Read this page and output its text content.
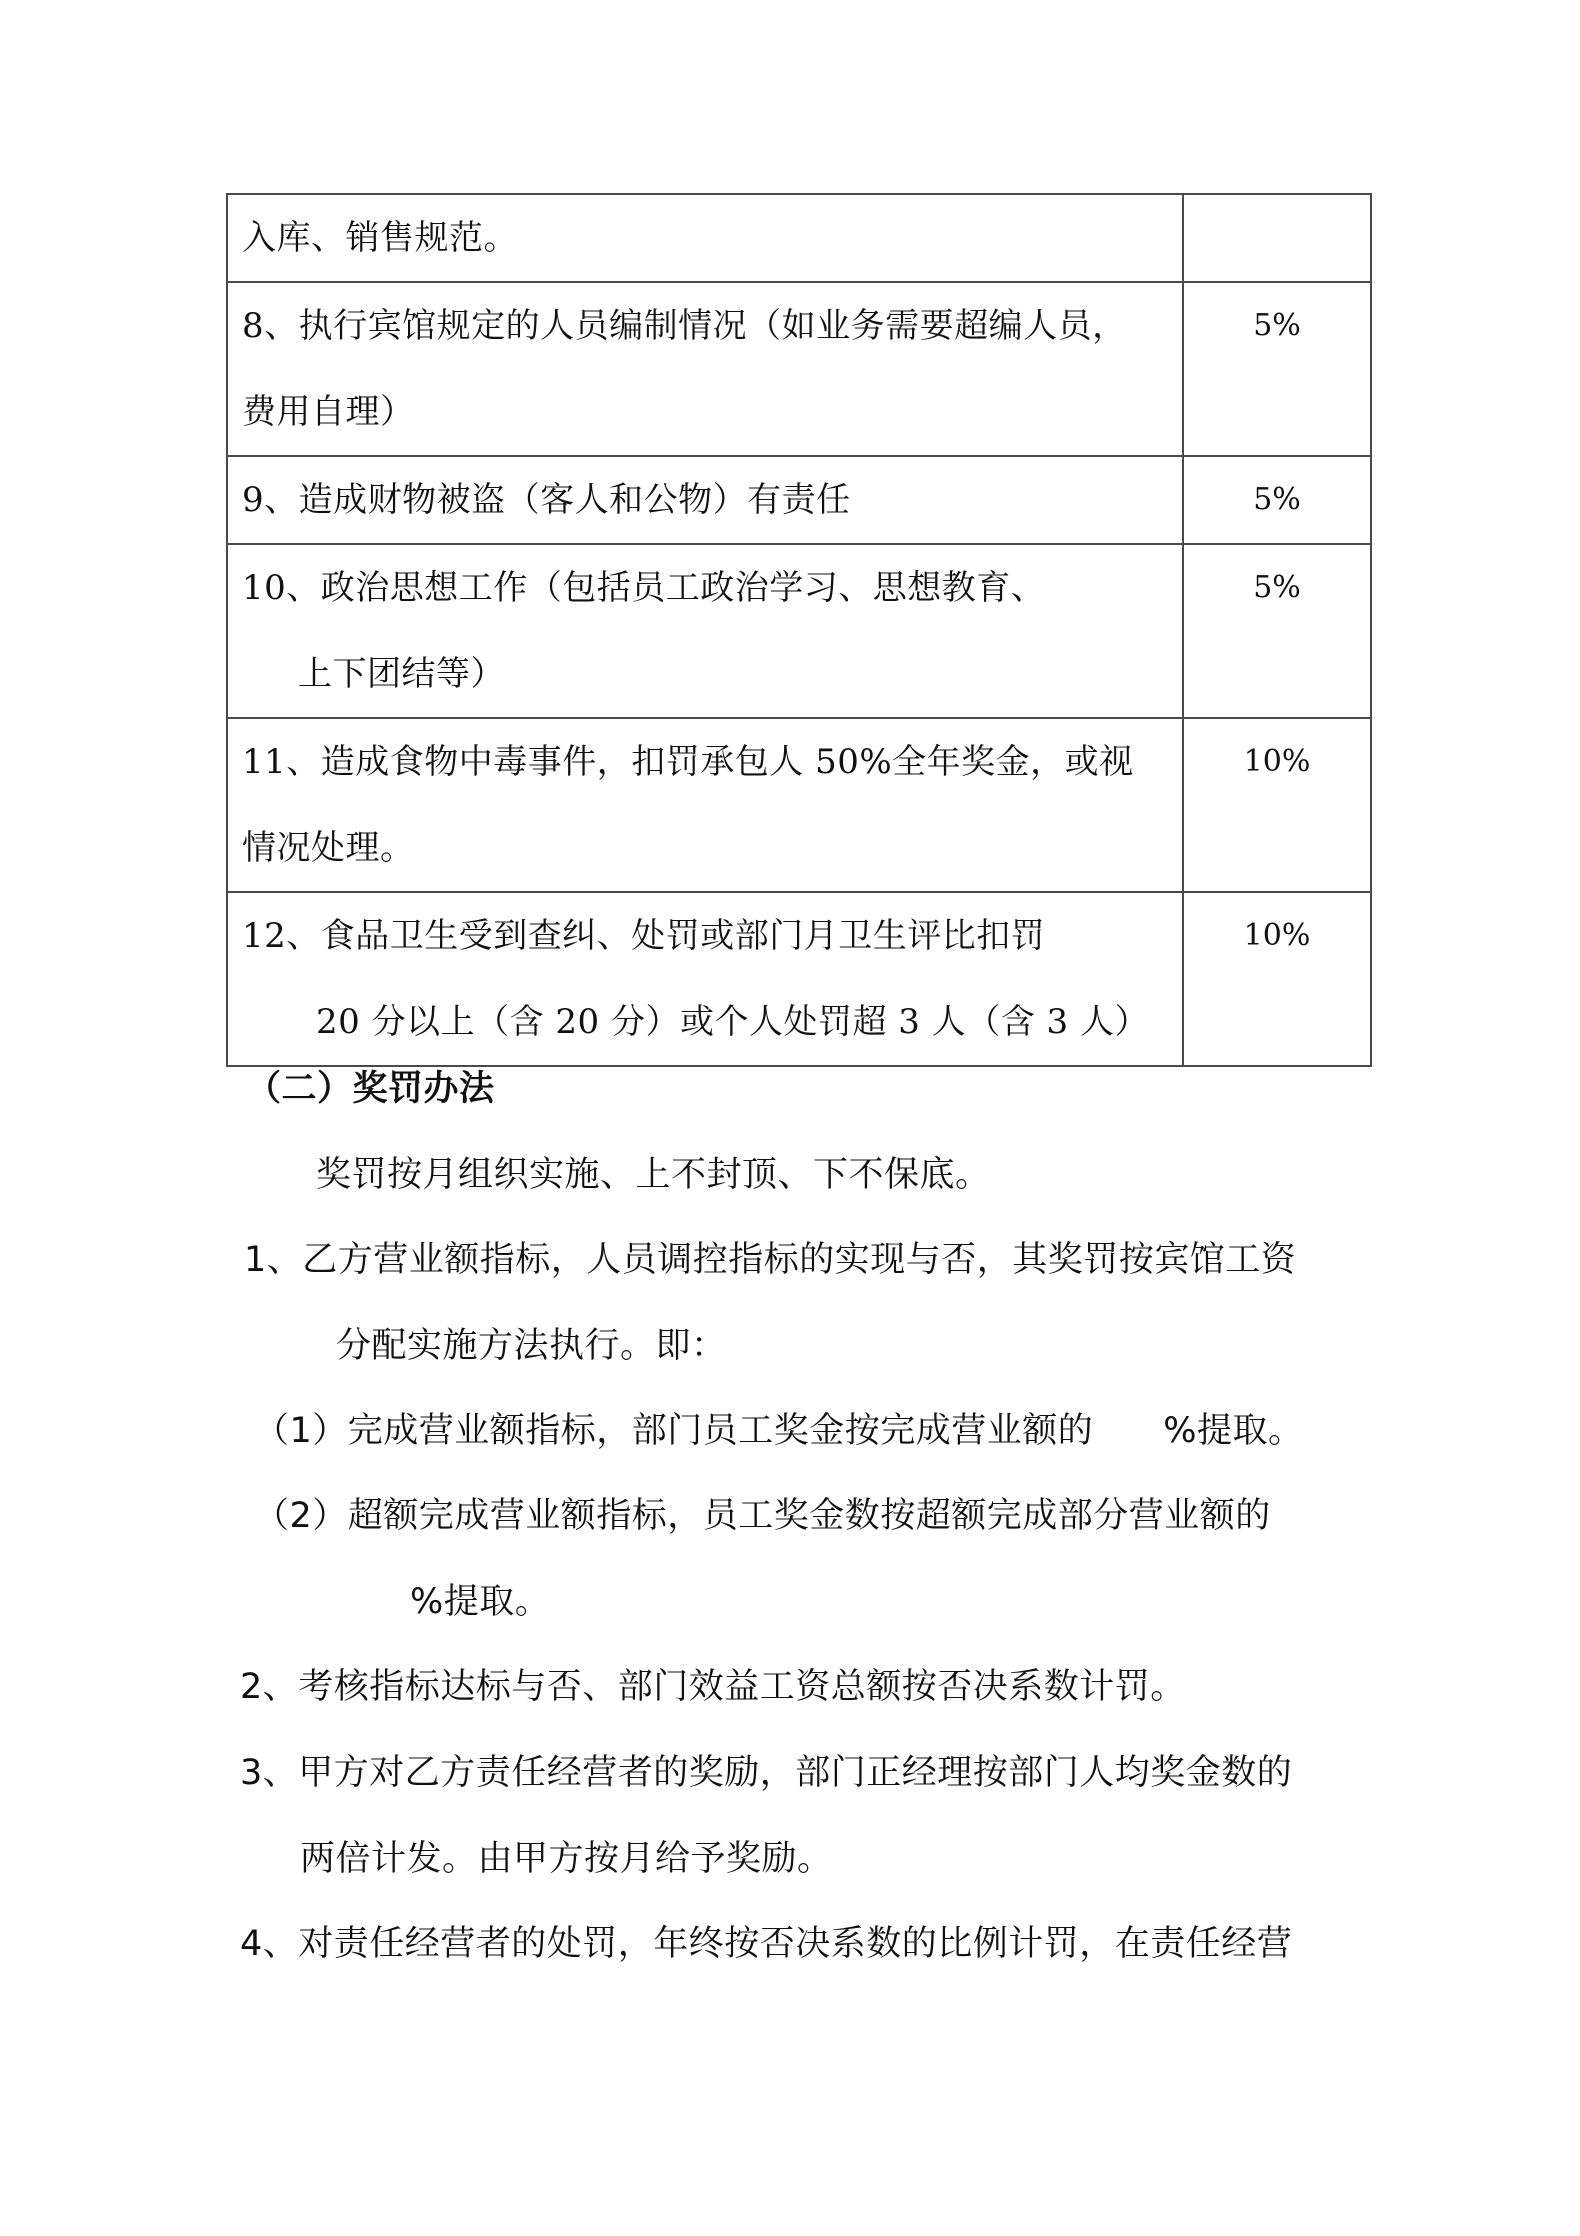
入库、销售规范。	

8、执行宾馆规定的人员编制情况（如业务需要超编人员，
费用自理）	5%

9、造成财物被盗（客人和公物）有责任	5%

10、政治思想工作（包括员工政治学习、思想教育、
上下团结等）	5%

11、造成食物中毒事件，扣罚承包人 50%全年奖金，或视
情况处理。	10%

12、食品卫生受到查纠、处罚或部门月卫生评比扣罚
20 分以上（含 20 分）或个人处罚超 3 人（含 3 人）	10%
（二）奖罚办法
奖罚按月组织实施、上不封顶、下不保底。
1、乙方营业额指标，人员调控指标的实现与否，其奖罚按宾馆工资
分配实施方法执行。即：
（1）完成营业额指标，部门员工奖金按完成营业额的 %提取。
（2）超额完成营业额指标，员工奖金数按超额完成部分营业额的
%提取。
2、考核指标达标与否、部门效益工资总额按否决系数计罚。
3、甲方对乙方责任经营者的奖励，部门正经理按部门人均奖金数的
两倍计发。由甲方按月给予奖励。
4、对责任经营者的处罚，年终按否决系数的比例计罚，在责任经营
